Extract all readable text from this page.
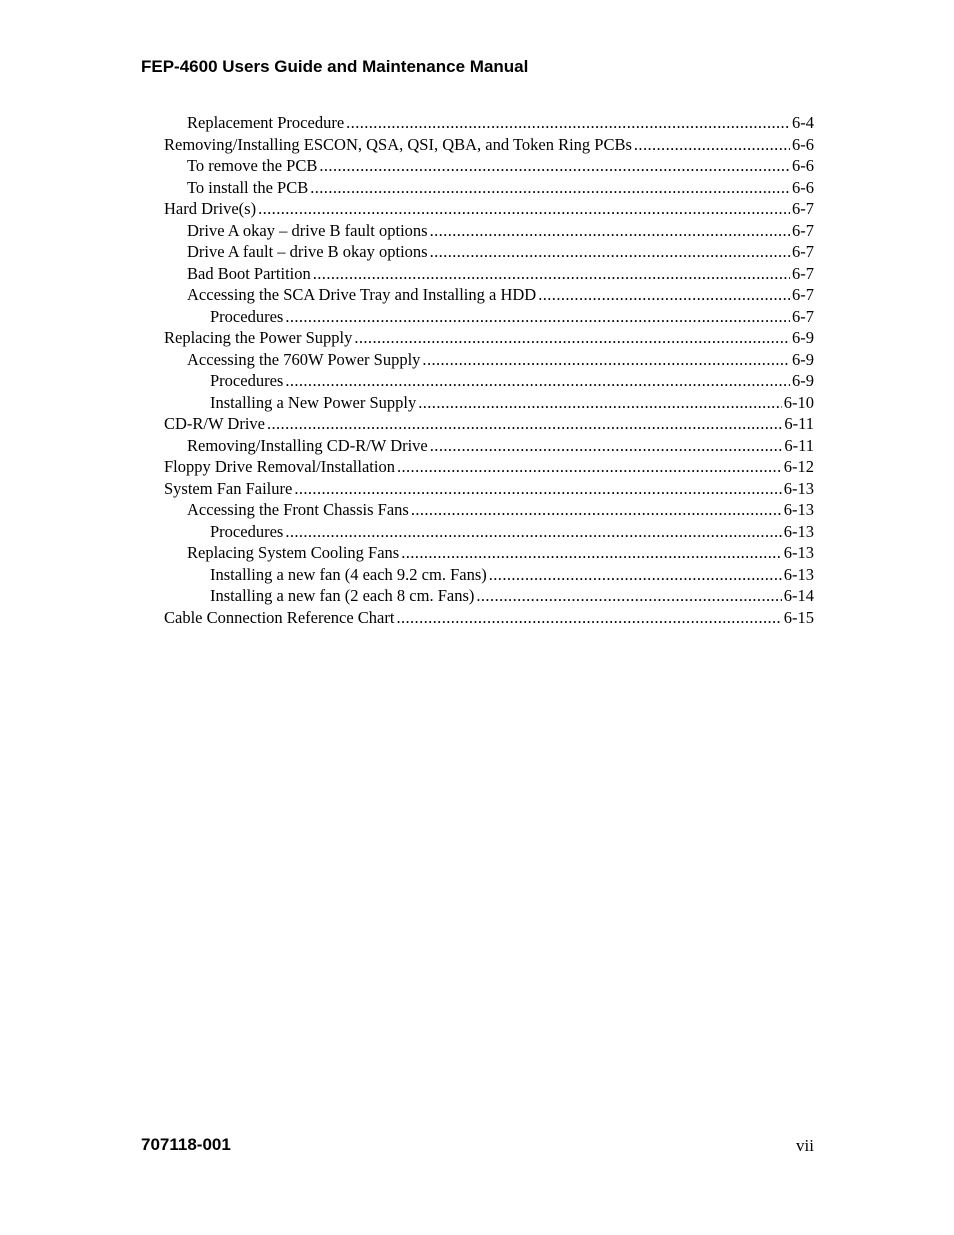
FEP-4600 Users Guide and Maintenance Manual
Replacement Procedure .....	6-4
Removing/Installing ESCON, QSA, QSI, QBA, and Token Ring PCBs .....	6-6
To remove the PCB .....	6-6
To install the PCB .....	6-6
Hard Drive(s) .....	6-7
Drive A okay – drive B fault options .....	6-7
Drive A fault – drive B okay options .....	6-7
Bad Boot Partition .....	6-7
Accessing the SCA Drive Tray and Installing a HDD .....	6-7
Procedures .....	6-7
Replacing the Power Supply .....	6-9
Accessing the 760W Power Supply .....	6-9
Procedures .....	6-9
Installing a New Power Supply .....	6-10
CD-R/W Drive .....	6-11
Removing/Installing CD-R/W Drive .....	6-11
Floppy Drive Removal/Installation .....	6-12
System Fan Failure .....	6-13
Accessing the Front Chassis Fans .....	6-13
Procedures .....	6-13
Replacing System Cooling Fans .....	6-13
Installing a new fan (4 each 9.2 cm. Fans) .....	6-13
Installing a new fan (2 each 8 cm. Fans) .....	6-14
Cable Connection Reference Chart .....	6-15
707118-001	vii
